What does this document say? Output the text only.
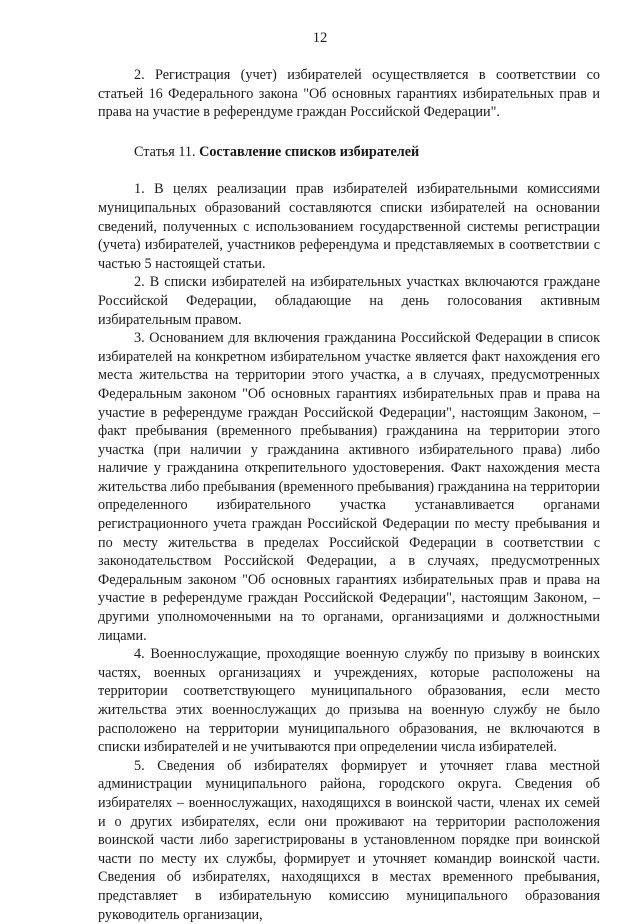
12

2. Регистрация (учет) избирателей осуществляется в соответствии со статьей 16 Федерального закона "Об основных гарантиях избирательных прав и права на участие в референдуме граждан Российской Федерации".

Статья 11. Составление списков избирателей

1. В целях реализации прав избирателей избирательными комиссиями муниципальных образований составляются списки избирателей на основании сведений, полученных с использованием государственной системы регистрации (учета) избирателей, участников референдума и представляемых в соответствии с частью 5 настоящей статьи.

2. В списки избирателей на избирательных участках включаются граждане Российской Федерации, обладающие на день голосования активным избирательным правом.

3. Основанием для включения гражданина Российской Федерации в список избирателей на конкретном избирательном участке является факт нахождения его места жительства на территории этого участка, а в случаях, предусмотренных Федеральным законом "Об основных гарантиях избирательных прав и права на участие в референдуме граждан Российской Федерации", настоящим Законом, – факт пребывания (временного пребывания) гражданина на территории этого участка (при наличии у гражданина активного избирательного права) либо наличие у гражданина открепительного удостоверения. Факт нахождения места жительства либо пребывания (временного пребывания) гражданина на территории определенного избирательного участка устанавливается органами регистрационного учета граждан Российской Федерации по месту пребывания и по месту жительства в пределах Российской Федерации в соответствии с законодательством Российской Федерации, а в случаях, предусмотренных Федеральным законом "Об основных гарантиях избирательных прав и права на участие в референдуме граждан Российской Федерации", настоящим Законом, – другими уполномоченными на то органами, организациями и должностными лицами.

4. Военнослужащие, проходящие военную службу по призыву в воинских частях, военных организациях и учреждениях, которые расположены на территории соответствующего муниципального образования, если место жительства этих военнослужащих до призыва на военную службу не было расположено на территории муниципального образования, не включаются в списки избирателей и не учитываются при определении числа избирателей.

5. Сведения об избирателях формирует и уточняет глава местной администрации муниципального района, городского округа. Сведения об избирателях – военнослужащих, находящихся в воинской части, членах их семей и о других избирателях, если они проживают на территории расположения воинской части либо зарегистрированы в установленном порядке при воинской части по месту их службы, формирует и уточняет командир воинской части. Сведения об избирателях, находящихся в местах временного пребывания, представляет в избирательную комиссию муниципального образования руководитель организации,
